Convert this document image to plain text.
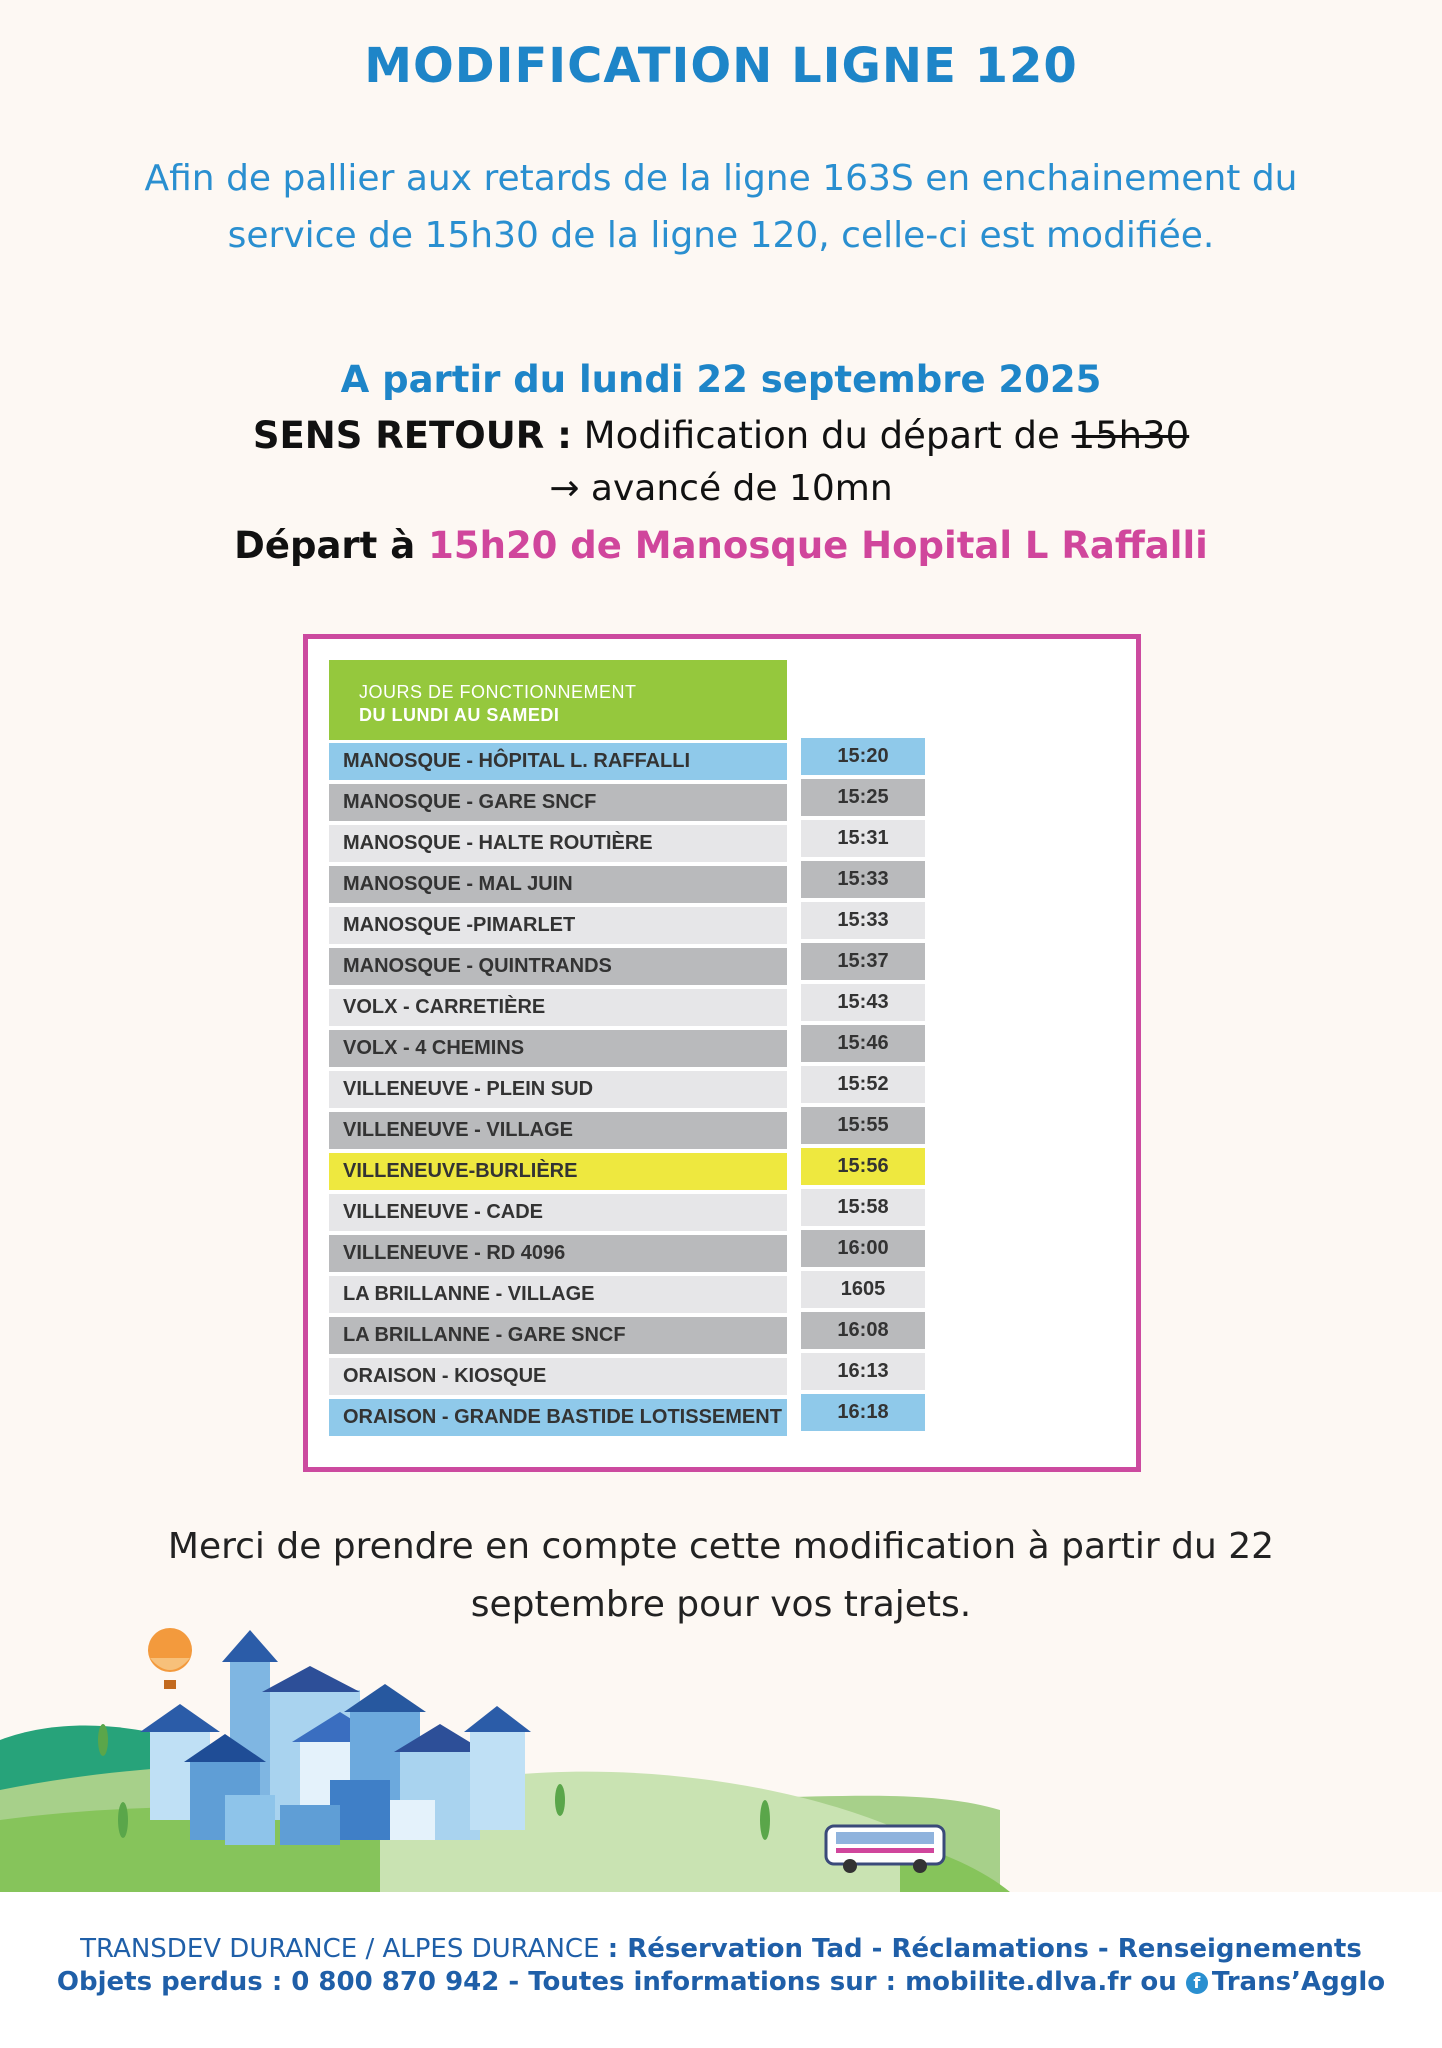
MODIFICATION LIGNE 120
Afin de pallier aux retards de la ligne 163S en enchainement du service de 15h30 de la ligne 120, celle-ci est modifiée.
A partir du lundi 22 septembre 2025
SENS RETOUR : Modification du départ de 15h30
→ avancé de 10mn
Départ à 15h20 de Manosque Hopital L Raffalli
JOURS DE FONCTIONNEMENT
DU LUNDI AU SAMEDI
MANOSQUE - HÔPITAL L. RAFFALLI
MANOSQUE - GARE SNCF
MANOSQUE - HALTE ROUTIÈRE
MANOSQUE - MAL JUIN
MANOSQUE -PIMARLET
MANOSQUE - QUINTRANDS
VOLX - CARRETIÈRE
VOLX - 4 CHEMINS
VILLENEUVE - PLEIN SUD
VILLENEUVE - VILLAGE
VILLENEUVE-BURLIÈRE
VILLENEUVE - CADE
VILLENEUVE - RD 4096
LA BRILLANNE - VILLAGE
LA BRILLANNE - GARE SNCF
ORAISON - KIOSQUE
ORAISON - GRANDE BASTIDE LOTISSEMENT
15:20
15:25
15:31
15:33
15:33
15:37
15:43
15:46
15:52
15:55
15:56
15:58
16:00
1605
16:08
16:13
16:18
Merci de prendre en compte cette modification à partir du 22 septembre pour vos trajets.
TRANSDEV DURANCE / ALPES DURANCE : Réservation Tad - Réclamations - Renseignements
Objets perdus : 0 800 870 942 - Toutes informations sur : mobilite.dlva.fr ou f Trans’Agglo
